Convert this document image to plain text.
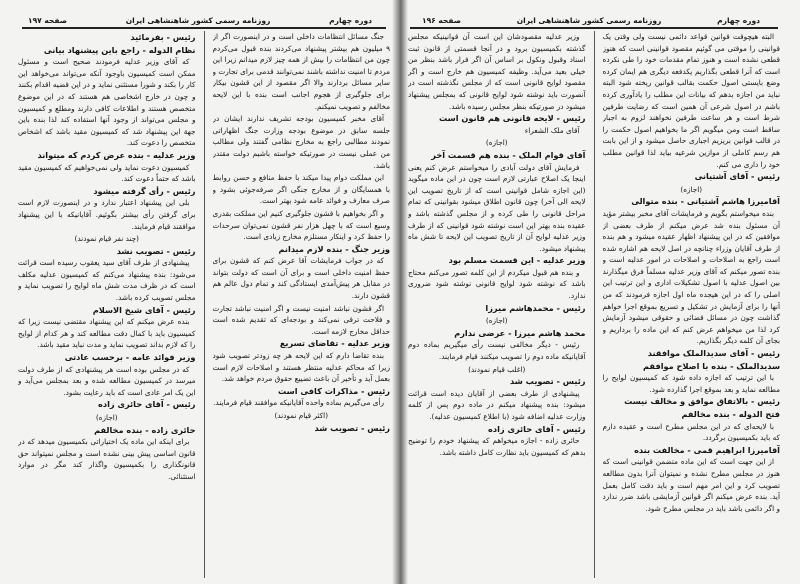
دوره چهارم
روزنامه رسمی کشور شاهنشاهی ایران
صفحه ۱۹۷

جنگ مسائل انتظامات داخلی است و در اینصورت اگر از ۹ میلیون هم بیشتر پیشنهاد می‌کردند بنده قبول می‌کردم چون من انتظامات را بیش از همه چیز لازم میدانم زیرا این مردم تا امنیت نداشته باشند نمی‌توانند قدمی برای تجارت و سایر مسائل بردارند والا اگر مقصود از این قشون بیکار برای جلوگیری از هجوم اجانب است بنده با این لایحه مخالفم و تصویب نمیکنم.

آقای مخبر کمیسیون بودجه تشریف ندارند ایشان در جلسه سابق در موضوع بودجه وزارت جنگ اظهاراتی نمودند مطالبی راجع به مخارج نظامی گفتند ولی مطالب من عملی نیست در صورتیکه خواسته باشیم دولت مقتدر باشد.

این مملکت دوام پیدا میکند با حفظ منافع و حسن روابط با همسایگان و از مخارج جنگی اگر صرفه‌جوئی بشود و صرف معارف و فوائد عامه شود بهتر است.

و اگر بخواهیم با قشون جلوگیری کنیم این مملکت بقدری وسیع است که با چهل هزار نفر قشون نمی‌توان سرحدات را حفظ کرد و اینکار مستلزم مخارج زیادی است.

وزیر جنگ - بنده لازم میدانم

که در جواب فرمایشات آقا عرض کنم که قشون برای حفظ امنیت داخلی است و برای آن است که دولت بتواند در مقابل هر پیش‌آمدی ایستادگی کند و تمام دول عالم هم قشون دارند.

اگر قشون نباشد امنیت نیست و اگر امنیت نباشد تجارت و فلاحت ترقی نمی‌کند و بودجه‌ای که تقدیم شده است حداقل مخارج لازمه است.

وزیر عدلیه - تقاضای تسریع

بنده تقاضا دارم که این لایحه هر چه زودتر تصویب شود زیرا که محاکم عدلیه منتظر هستند و اصلاحات لازم است بعمل آید و تأخیر آن باعث تضییع حقوق مردم خواهد شد.

رئیس - مذاکرات کافی است

رأی می‌گیریم بماده واحده آقایانیکه موافقند قیام فرمایند.

(اکثر قیام نمودند)
رئیس - تصویب شد
رئیس - بفرمائید
نظام الدوله - راجع باین پیشنهاد بیانی

که آقای وزیر عدلیه فرمودند صحیح است و مسئول ممکن است کمیسیون باوجود آنکه می‌تواند می‌خواهد این کار را بکند و شورا مستثنی نماید و در این قضیه اقدام بکنند و چون در خارج اشخاصی هم هستند که در این موضوع متخصص هستند و اطلاعات کافی دارند ومطلع و کمیسیون و مجلس می‌تواند از وجود آنها استفاده کند لذا بنده باین جهة این پیشنهاد شد که کمیسیون مقید باشد که اشخاص متخصص را دعوت کند.

وزیر عدلیه - بنده عرض کردم که میتواند

کمیسیون دعوت نماید ولی نمی‌خواهیم که کمیسیون مقید باشد که حتماً دعوت کند.

رئیس - رأی گرفته میشود

بلی این پیشنهاد اعتبار ندارد و در اینصورت لازم است برای گرفتن رأی بیشتر بگوئیم. آقایانیکه با این پیشنهاد موافقند قیام فرمایند.

(چند نفر قیام نمودند)
رئیس - تصویب نشد

پیشنهادی از طرف آقای سید یعقوب رسیده است قرائت می‌شود: بنده پیشنهاد می‌کنم که کمیسیون عدلیه مکلف است که در ظرف مدت شش ماه لوایح را تصویب نماید و مجلس تصویب کرده باشد.

رئیس - آقای شیخ الاسلام

بنده عرض میکنم که این پیشنهاد مقتضی نیست زیرا که کمیسیون باید با کمال دقت مطالعه کند و هر کدام از لوایح را که لازم بداند تصویب نماید و مدت نباید مقید باشد.

وزیر فوائد عامه - برحسب عادتی

که در مجلس بوده است هر پیشنهادی که از طرف دولت میرسد در کمیسیون مطالعه شده و بعد بمجلس می‌آید و این یک امر عادی است که باید رعایت بشود.

رئیس - آقای حائری زاده
(اجازه)
حائری زاده - بنده مخالفم

برای اینکه این ماده یک اختیاراتی بکمیسیون میدهد که در قانون اساسی پیش بینی نشده است و مجلس نمیتواند حق قانونگذاری را بکمیسیون واگذار کند مگر در موارد استثنائی.

دوره چهارم
روزنامه رسمی کشور شاهنشاهی ایران
صفحه ۱۹۶

البته هیچوقت قوانین قواعد دائمی نیست ولی وقتی یک قوانینی را موقتی می گوئیم مقصود قوانینی است که هنوز قطعی نشده است و هنوز تمام مقدمات خود را طی نکرده است که آنرا قطعی بگذاریم یکدفعه دیگری هم ایمان کرده وضع بایستی اصول حکمت بقالب قوانین ریخته شود البته نباید من اجازه بدهم که بیانات این مطلب را یادآوری کرده باشم در اصول شرعی آن همین است که رضایت طرفین شرط است و هر ساعت طرفین نخواهند لزوم به اجبار ساقط است ومن میگویم اگر ما بخواهیم اصول حکمت را در قالب قوانین بریزیم اجباری حاصل میشود و از این بابت هم رسم کاملی از موازین شرعیه بیاید لذا قوانین مطلب خود را داری می کنم.

رئیس - آقای آشتیانی
(اجازه)
آقامیرزا هاشم آشتیانی - بنده متوالی

بنده میخواستم بگویم و فرمایشات آقای مخبر بیشتر مؤید آن مسئول بنده شد عرض میکنم از طرف بعضی از موافقین که در این پیشنهاد اظهار عقیده میشود و هم بنده از طرف آقایان وزراء چنانچه در اصل لایحه هم اشاره شده است راجع به اصلاحات و اصلاحات در امور عدلیه است و بنده تصور میکنم که آقای وزیر عدلیه مسلماً فرق میگذارند بین اصول عدلیه با اصول تشکیلات اداری و این ترتیب این اصلی را که در این هیجده ماه اول اجازه فرمودند که من آنها را برای آزمایش در تشکیل و تسریع بموقع اجرا خواهم گذاشت چون در مسائل قضائی و حقوقی میشود آزمایش کرد لذا من میخواهم عرض کنم که این ماده را برداریم و بجای آن کلمه دیگر بگذاریم.

رئیس - آقای سدیدالملک موافقند
سدیدالملک - بنده با اصلاح موافقم

با این ترتیب که اجازه داده شود که کمیسیون لوایح را مطالعه نماید و بعد بموقع اجرا گذارده شود.

رئیس - بالاتفاق موافق و مخالف نیست
فتح الدوله - بنده مخالفم

با لایحه‌ای که در این مجلس مطرح است و عقیده دارم که باید بکمیسیون برگردد.

آقامیرزا ابراهیم قمی - مخالفت بنده

از این جهت است که این ماده متضمن قوانینی است که هنوز در مجلس مطرح نشده و نمیتوان آنرا بدون مطالعه تصویب کرد و این امر مهم است و باید دقت کامل بعمل آید. بنده عرض میکنم اگر قوانین آزمایشی باشد ضرر ندارد و اگر دائمی باشد باید در مجلس مطرح شود.

وزیر عدلیه مقصودشان این است آن قوانینیکه مجلس گذشته بکمیسیون برود و در آنجا قسمتی از قانون ثبت اسناد وقبول ونکول بر اساس آن اگر قرار باشد بنظر من خیلی بعید می‌آید. وظیفه کمیسیون هم خارج است و اگر مقصود لوایح قانونی است که از مجلس نگذشته است در آنصورت باید نوشته شود لوایح قانونی که بمجلس پیشنهاد میشود در صورتیکه بنظر مجلس رسیده باشد.

رئیس - لایحه قانونی هم قانون است

آقای ملک الشعراء

(اجازه)
آقای قوام الملک - بنده هم قسمت آخر

فرمایش آقای دولت آبادی را میخواستم عرض کنم یعنی اینجا یک اصلاح عبارتی لازم است چون در این ماده میگوید (این اجازه شامل قوانینی است که از تاریخ تصویب این لایحه الی آخر) چون قانون اطلاق میشود بقوانینی که تمام مراحل قانونی را طی کرده و از مجلس گذشته باشد و عقیده بنده بهتر این است نوشته شود قوانینی که از طرف وزیر عدلیه لوایح آن از تاریخ تصویب این لایحه تا شش ماه پیشنهاد میشود.

وزیر عدلیه - این قسمت مسلم بود

و بنده هم قبول میکردم از این کلمه تصور می‌کنم محتاج باشد که نوشته شود لوایح قانونی نوشته شود ضروری ندارد.

رئیس - محمدهاشم میرزا
(اجازه)
محمد هاشم میرزا - عرضی ندارم

رئیس - دیگر مخالفی نیست رأی میگیریم بماده دوم آقایانیکه ماده دوم را تصویب میکنند قیام فرمایند.

(اغلب قیام نمودند)
رئیس - تصویب شد

پیشنهادی از طرف بعضی از آقایان دیده است قرائت میشود: بنده پیشنهاد میکنم در ماده دوم پس از کلمه وزارت عدلیه اضافه شود (با اطلاع کمیسیون عدلیه).

رئیس - آقای حائری زاده

حائری زاده - اجازه میخواهم که پیشنهاد خودم را توضیح بدهم که کمیسیون باید نظارت کامل داشته باشد.
